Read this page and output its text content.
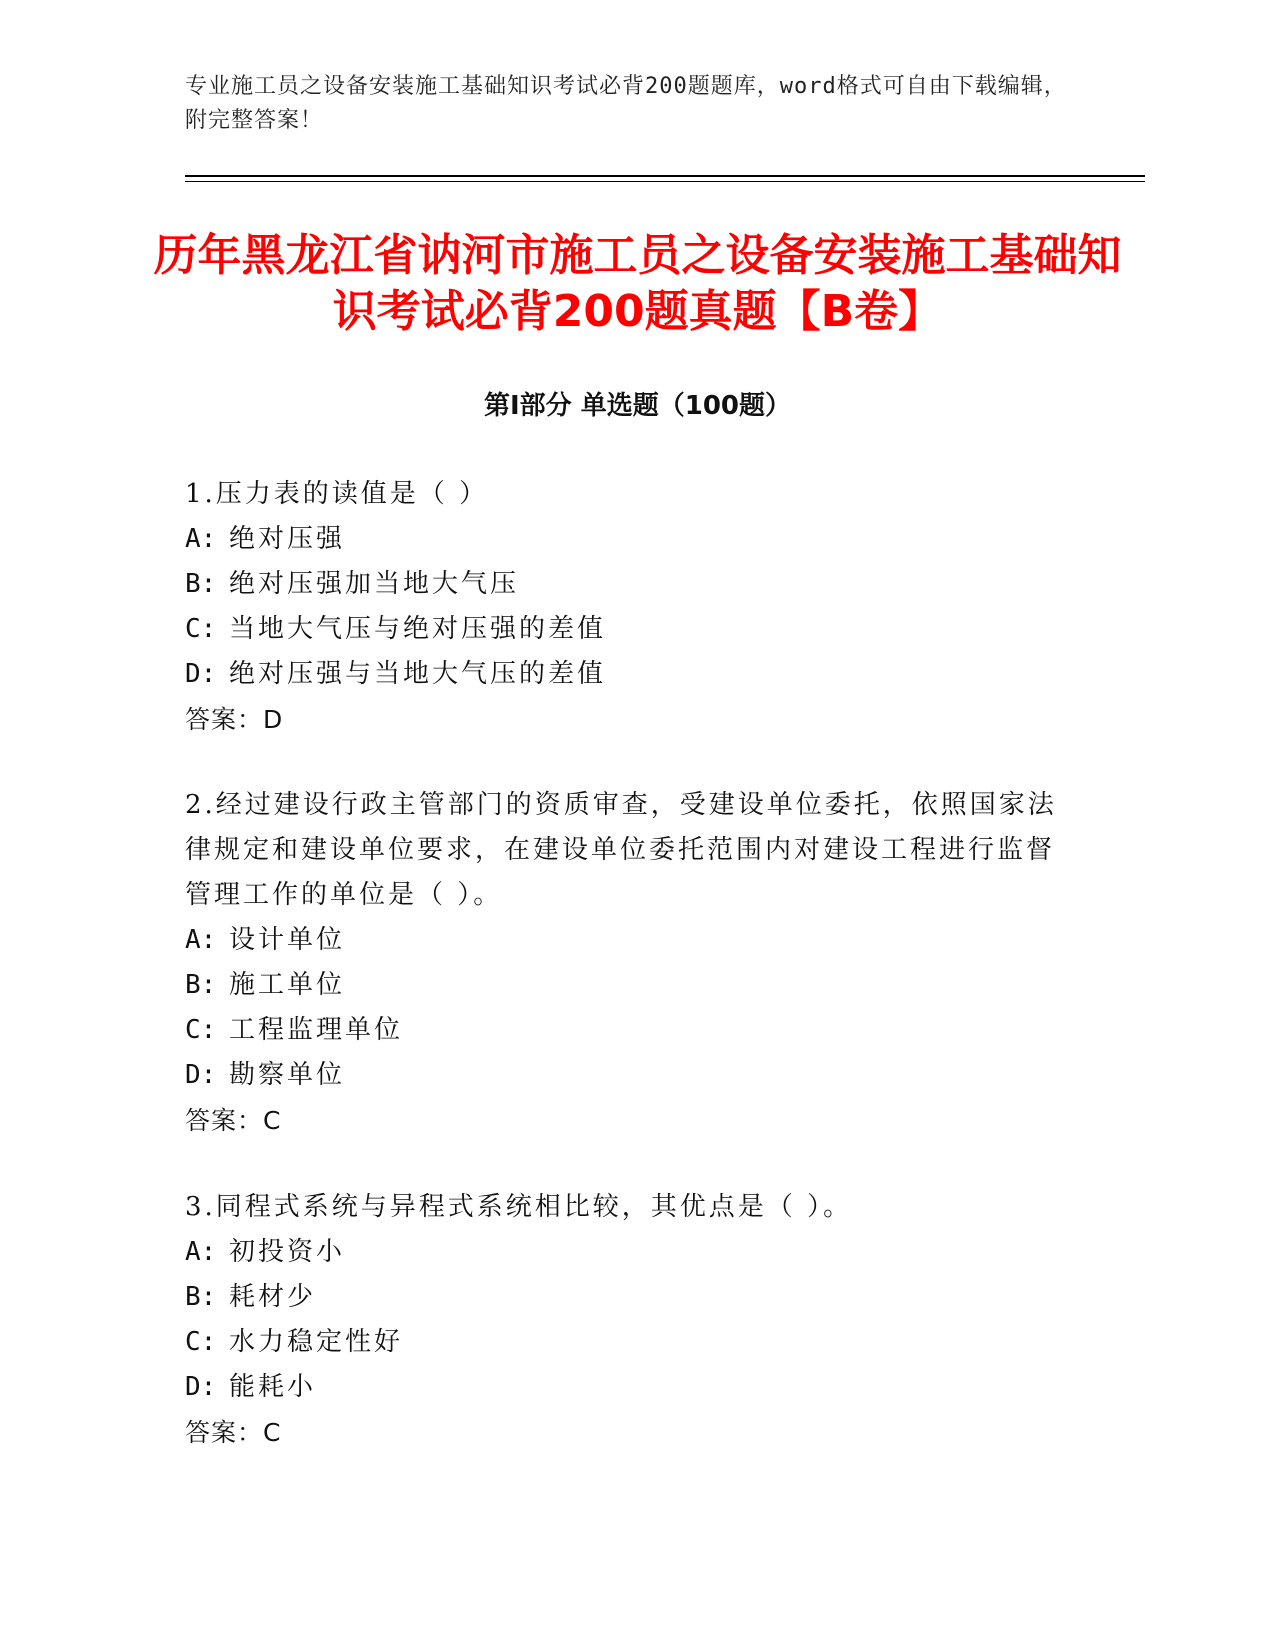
专业施工员之设备安装施工基础知识考试必背200题题库，word格式可自由下载编辑，附完整答案！
历年黑龙江省讷河市施工员之设备安装施工基础知识考试必背200题真题【B卷】
第Ⅰ部分 单选题（100题）

1.压力表的读值是（ ）

A: 绝对压强

B: 绝对压强加当地大气压

C: 当地大气压与绝对压强的差值

D: 绝对压强与当地大气压的差值

答案：D

2.经过建设行政主管部门的资质审查，受建设单位委托，依照国家法律规定和建设单位要求，在建设单位委托范围内对建设工程进行监督管理工作的单位是（ ）。

A: 设计单位

B: 施工单位

C: 工程监理单位

D: 勘察单位

答案：C

3.同程式系统与异程式系统相比较，其优点是（ ）。

A: 初投资小

B: 耗材少

C: 水力稳定性好

D: 能耗小

答案：C
